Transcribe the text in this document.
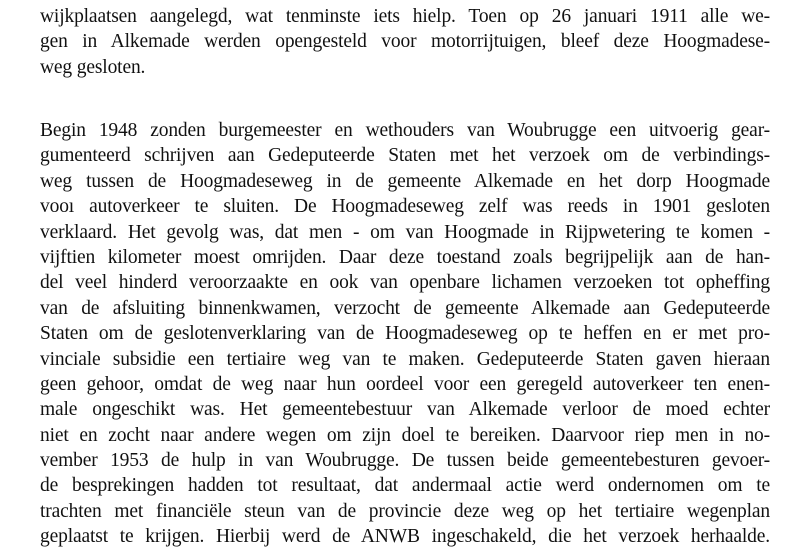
wijkplaatsen aangelegd, wat tenminste iets hielp. Toen op 26 januari 1911 alle we-
gen in Alkemade werden opengesteld voor motorrijtuigen, bleef deze Hoogmadese-
weg gesloten.
Begin 1948 zonden burgemeester en wethouders van Woubrugge een uitvoerig gear-
gumenteerd schrijven aan Gedeputeerde Staten met het verzoek om de verbindings-
weg tussen de Hoogmadeseweg in de gemeente Alkemade en het dorp Hoogmade
vooı autoverkeer te sluiten. De Hoogmadeseweg zelf was reeds in 1901 gesloten
verklaard. Het gevolg was, dat men - om van Hoogmade in Rijpwetering te komen -
vijftien kilometer moest omrijden. Daar deze toestand zoals begrijpelijk aan de han-
del veel hinderd veroorzaakte en ook van openbare lichamen verzoeken tot opheffing
van de afsluiting binnenkwamen, verzocht de gemeente Alkemade aan Gedeputeerde
Staten om de geslotenverklaring van de Hoogmadeseweg op te heffen en er met pro-
vinciale subsidie een tertiaire weg van te maken. Gedeputeerde Staten gaven hieraan
geen gehoor, omdat de weg naar hun oordeel voor een geregeld autoverkeer ten enen-
male ongeschikt was. Het gemeentebestuur van Alkemade verloor de moed echter
niet en zocht naar andere wegen om zijn doel te bereiken. Daarvoor riep men in no-
vember 1953 de hulp in van Woubrugge. De tussen beide gemeentebesturen gevoer-
de besprekingen hadden tot resultaat, dat andermaal actie werd ondernomen om te
trachten met financiële steun van de provincie deze weg op het tertiaire wegenplan
geplaatst te krijgen. Hierbij werd de ANWB ingeschakeld, die het verzoek herhaalde.
